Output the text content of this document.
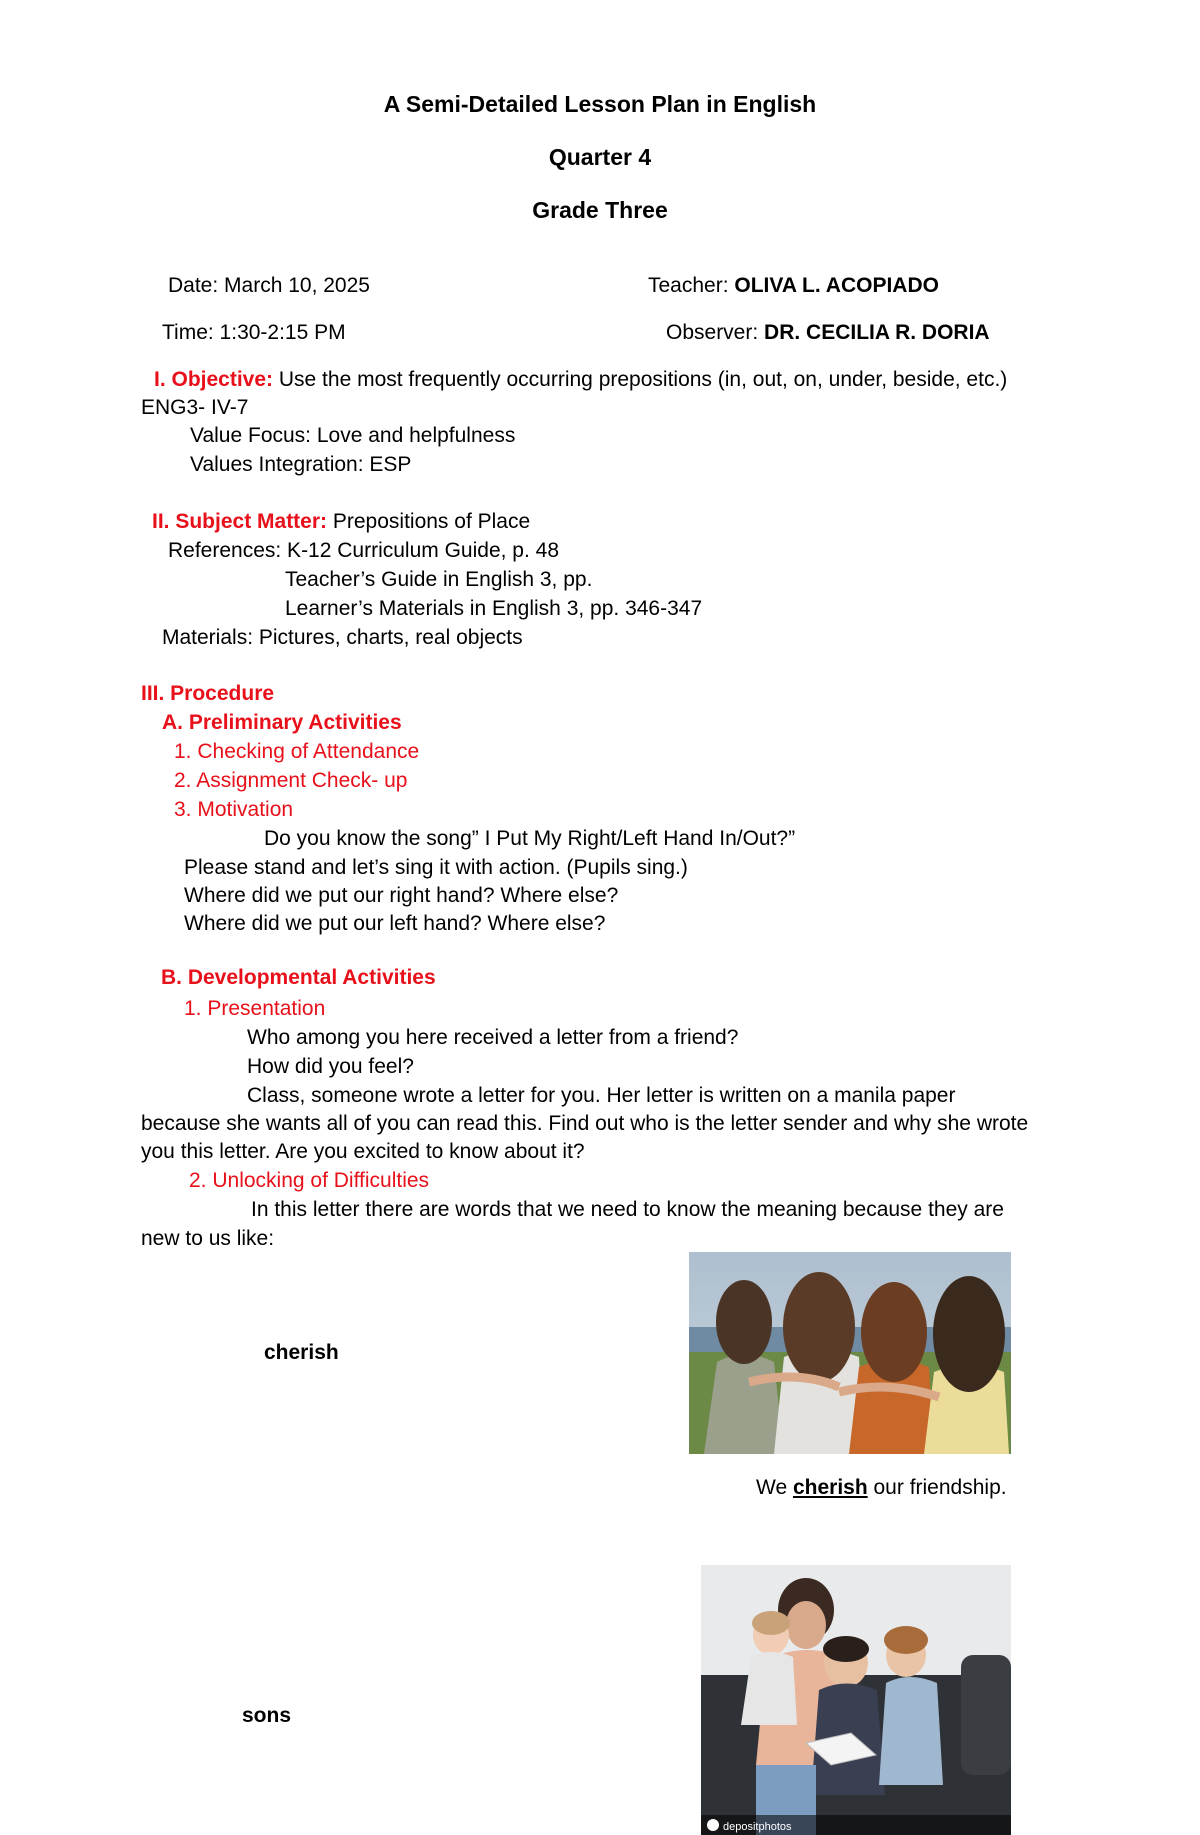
A Semi-Detailed Lesson Plan in English
Quarter 4
Grade Three
Date: March 10, 2025	Teacher: OLIVA L. ACOPIADO
Time: 1:30-2:15 PM	Observer: DR. CECILIA R. DORIA
I. Objective: Use the most frequently occurring prepositions (in, out, on, under, beside, etc.)
ENG3- IV-7
Value Focus: Love and helpfulness
Values Integration: ESP
II. Subject Matter: Prepositions of Place
References: K-12 Curriculum Guide, p. 48
Teacher’s Guide in English 3, pp.
Learner’s Materials in English 3, pp. 346-347
Materials: Pictures, charts, real objects
III. Procedure
A. Preliminary Activities
1. Checking of Attendance
2. Assignment Check- up
3. Motivation
Do you know the song” I Put My Right/Left Hand In/Out?”
Please stand and let’s sing it with action. (Pupils sing.)
Where did we put our right hand? Where else?
Where did we put our left hand? Where else?
B. Developmental Activities
1. Presentation
Who among you here received a letter from a friend?
How did you feel?
Class, someone wrote a letter for you. Her letter is written on a manila paper
because she wants all of you can read this. Find out who is the letter sender and why she wrote
you this letter. Are you excited to know about it?
2. Unlocking of Difficulties
In this letter there are words that we need to know the meaning because they are
new to us like:
cherish
We cherish our friendship.
sons
depositphotos
